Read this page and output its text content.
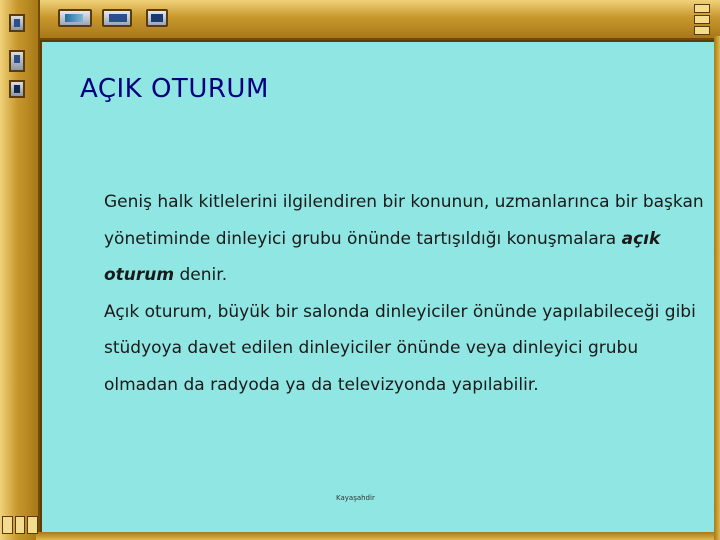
AÇIK OTURUM

Geniş halk kitlelerini ilgilendiren bir konunun, uzmanlarınca bir başkan yönetiminde dinleyici grubu önünde tartışıldığı konuşmalara açık oturum denir.

Açık oturum, büyük bir salonda dinleyiciler önünde yapılabileceği gibi stüdyoya davet edilen dinleyiciler önünde veya dinleyici grubu olmadan da radyoda ya da televizyonda yapılabilir.

Kayaşahdir
